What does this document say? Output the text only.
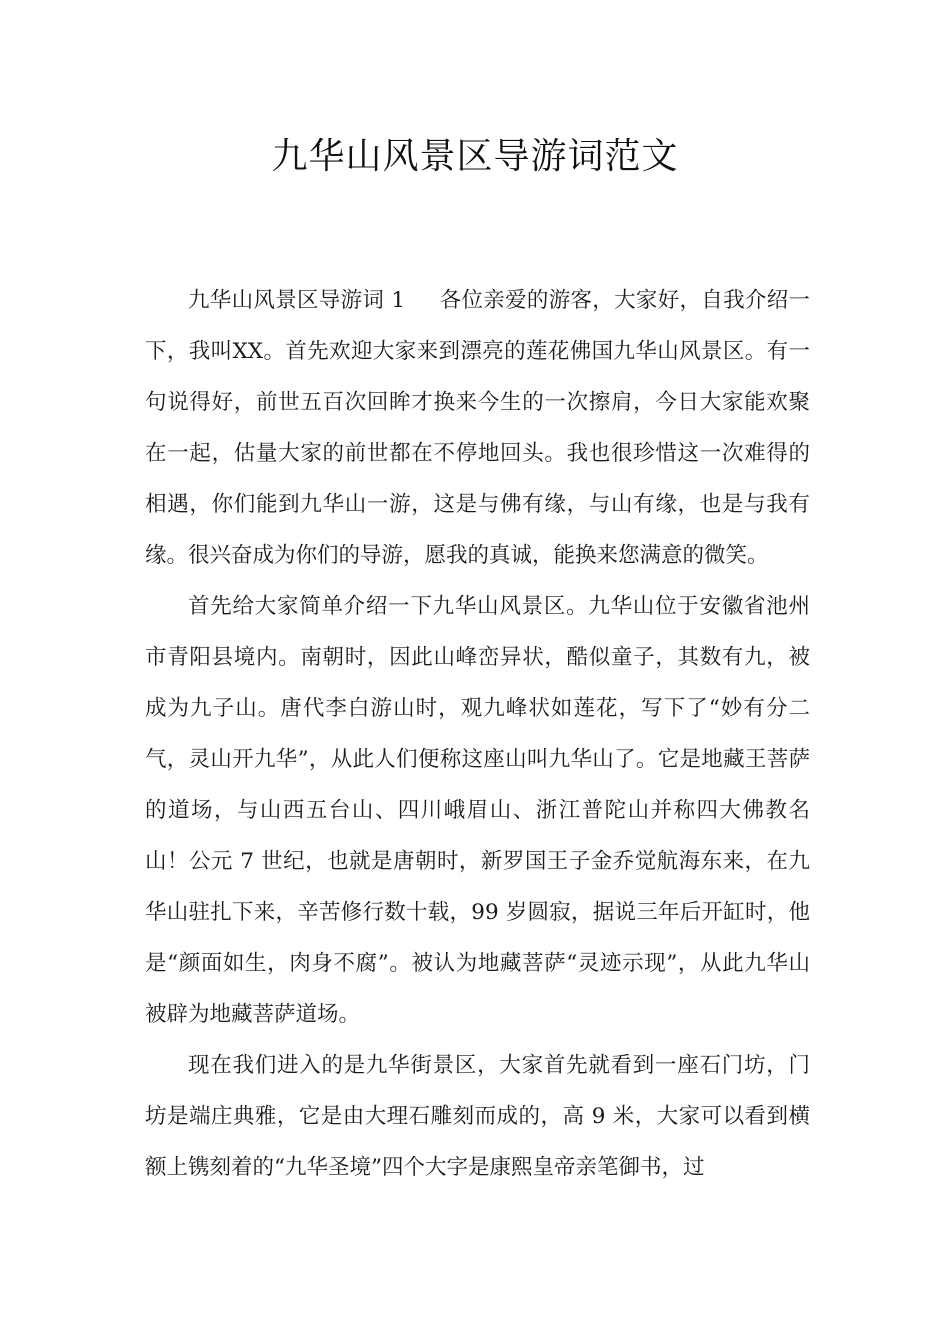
九华山风景区导游词范文

九华山风景区导游词 1 各位亲爱的游客，大家好，自我介绍一下，我叫XX。首先欢迎大家来到漂亮的莲花佛国九华山风景区。有一句说得好，前世五百次回眸才换来今生的一次擦肩，今日大家能欢聚在一起，估量大家的前世都在不停地回头。我也很珍惜这一次难得的相遇，你们能到九华山一游，这是与佛有缘，与山有缘，也是与我有缘。很兴奋成为你们的导游，愿我的真诚，能换来您满意的微笑。

首先给大家简单介绍一下九华山风景区。九华山位于安徽省池州市青阳县境内。南朝时，因此山峰峦异状，酷似童子，其数有九，被成为九子山。唐代李白游山时，观九峰状如莲花，写下了“妙有分二气，灵山开九华”，从此人们便称这座山叫九华山了。它是地藏王菩萨的道场，与山西五台山、四川峨眉山、浙江普陀山并称四大佛教名山！公元 7 世纪，也就是唐朝时，新罗国王子金乔觉航海东来，在九华山驻扎下来，辛苦修行数十载，99 岁圆寂，据说三年后开缸时，他是“颜面如生，肉身不腐”。被认为地藏菩萨“灵迹示现”，从此九华山被辟为地藏菩萨道场。

现在我们进入的是九华街景区，大家首先就看到一座石门坊，门坊是端庄典雅，它是由大理石雕刻而成的，高 9 米，大家可以看到横额上镌刻着的“九华圣境”四个大字是康熙皇帝亲笔御书，过
